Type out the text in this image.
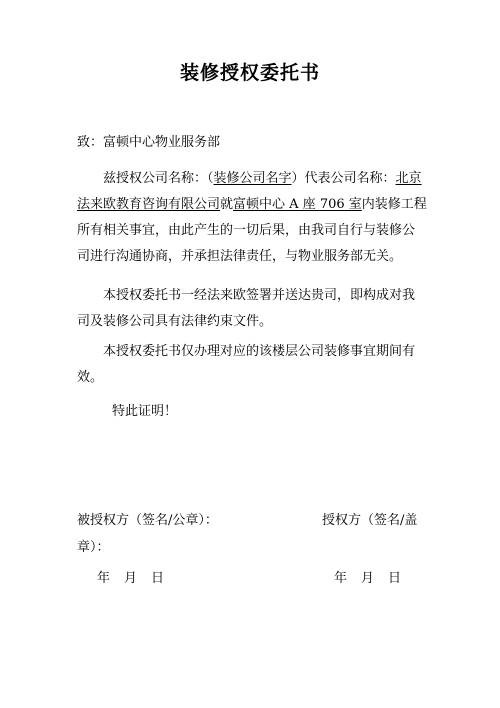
装修授权委托书
致：富顿中心物业服务部
兹授权公司名称：（装修公司名字）代表公司名称：北京法来欧教育咨询有限公司就富顿中心 A 座 706 室内装修工程所有相关事宜，由此产生的一切后果，由我司自行与装修公司进行沟通协商，并承担法律责任，与物业服务部无关。
本授权委托书一经法来欧签署并送达贵司，即构成对我司及装修公司具有法律约束文件。
本授权委托书仅办理对应的该楼层公司装修事宜期间有效。
特此证明！
被授权方（签名/公章）：	授权方（签名/盖
章）：
年 月 日	年 月 日
